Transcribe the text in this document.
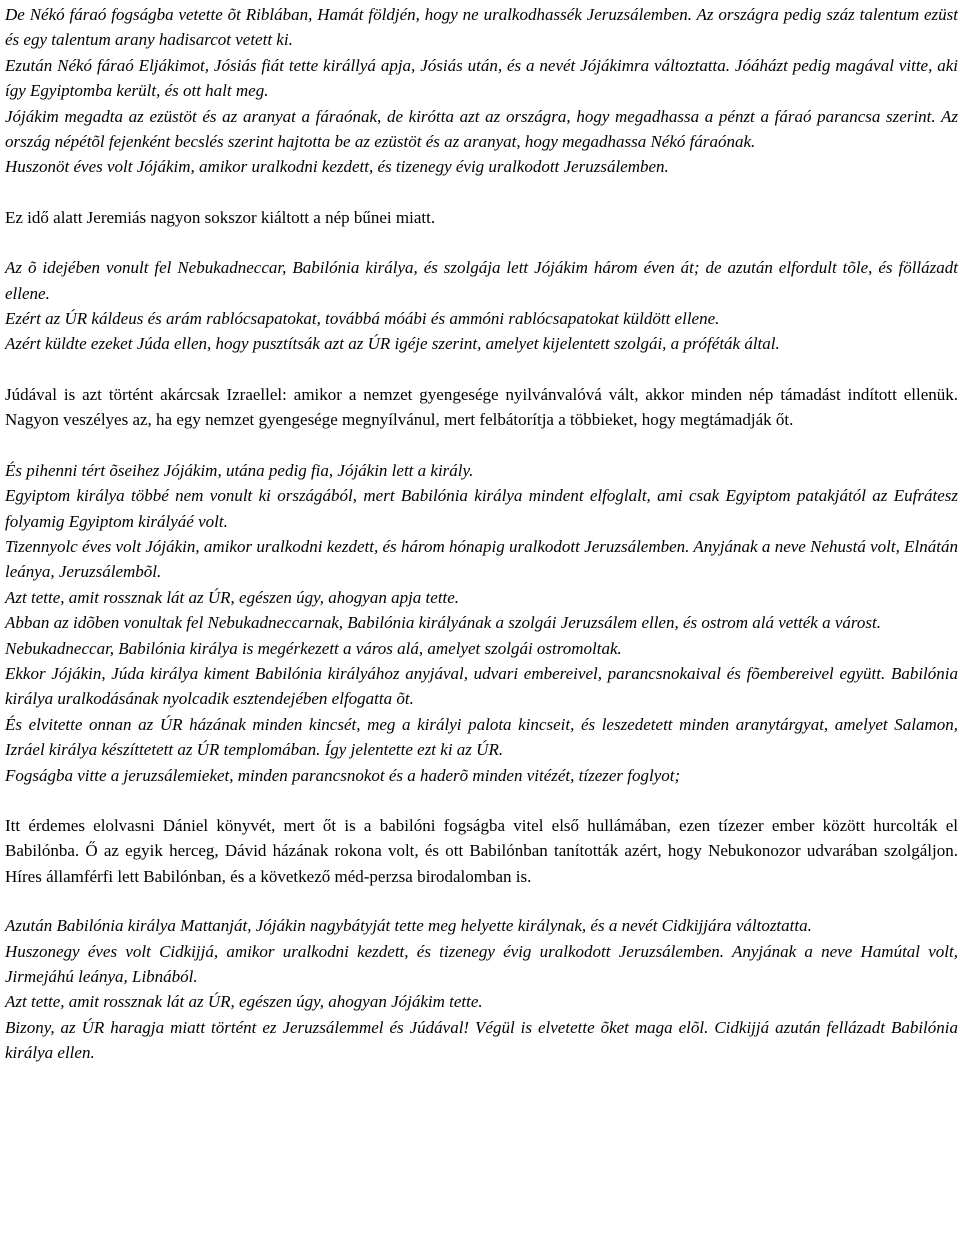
De Nékó fáraó fogságba vetette õt Riblában, Hamát földjén, hogy ne uralkodhassék Jeruzsálemben. Az országra pedig száz talentum ezüst és egy talentum arany hadisarcot vetett ki.

Ezután Nékó fáraó Eljákimot, Jósiás fiát tette királlyá apja, Jósiás után, és a nevét Jójákimra változtatta. Jóáházt pedig magával vitte, aki így Egyiptomba került, és ott halt meg.

Jójákim megadta az ezüstöt és az aranyat a fáraónak, de kirótta azt az országra, hogy megadhassa a pénzt a fáraó parancsa szerint. Az ország népétõl fejenként becslés szerint hajtotta be az ezüstöt és az aranyat, hogy megadhassa Nékó fáraónak.

Huszonöt éves volt Jójákim, amikor uralkodni kezdett, és tizenegy évig uralkodott Jeruzsálemben.

Ez idő alatt Jeremiás nagyon sokszor kiáltott a nép bűnei miatt.

Az õ idejében vonult fel Nebukadneccar, Babilónia királya, és szolgája lett Jójákim három éven át; de azután elfordult tõle, és föllázadt ellene.

Ezért az ÚR káldeus és arám rablócsapatokat, továbbá móábi és ammóni rablócsapatokat küldött ellene.

Azért küldte ezeket Júda ellen, hogy pusztítsák azt az ÚR igéje szerint, amelyet kijelentett szolgái, a próféták által.

Júdával is azt történt akárcsak Izraellel: amikor a nemzet gyengesége nyilvánvalóvá vált, akkor minden nép támadást indított ellenük. Nagyon veszélyes az, ha egy nemzet gyengesége megnyílvánul, mert felbátorítja a többieket, hogy megtámadják őt.

És pihenni tért õseihez Jójákim, utána pedig fia, Jójákin lett a király.

Egyiptom királya többé nem vonult ki országából, mert Babilónia királya mindent elfoglalt, ami csak Egyiptom patakjától az Eufrátesz folyamig Egyiptom királyáé volt.

Tizennyolc éves volt Jójákin, amikor uralkodni kezdett, és három hónapig uralkodott Jeruzsálemben. Anyjának a neve Nehustá volt, Elnátán leánya, Jeruzsálembõl.

Azt tette, amit rossznak lát az ÚR, egészen úgy, ahogyan apja tette.

Abban az idõben vonultak fel Nebukadneccarnak, Babilónia királyának a szolgái Jeruzsálem ellen, és ostrom alá vették a várost.

Nebukadneccar, Babilónia királya is megérkezett a város alá, amelyet szolgái ostromoltak.

Ekkor Jójákin, Júda királya kiment Babilónia királyához anyjával, udvari embereivel, parancsnokaival és fõembereivel együtt. Babilónia királya uralkodásának nyolcadik esztendejében elfogatta õt.

És elvitette onnan az ÚR házának minden kincsét, meg a királyi palota kincseit, és leszedetett minden aranytárgyat, amelyet Salamon, Izráel királya készíttetett az ÚR templomában. Így jelentette ezt ki az ÚR.

Fogságba vitte a jeruzsálemieket, minden parancsnokot és a haderõ minden vitézét, tízezer foglyot;

Itt érdemes elolvasni Dániel könyvét, mert őt is a babilóni fogságba vitel első hullámában, ezen tízezer ember között hurcolták el Babilónba. Ő az egyik herceg, Dávid házának rokona volt, és ott Babilónban tanították azért, hogy Nebukonozor udvarában szolgáljon. Híres államférfi lett Babilónban, és a következő méd-perzsa birodalomban is.

Azután Babilónia királya Mattanját, Jójákin nagybátyját tette meg helyette királynak, és a nevét Cidkijjára változtatta.

Huszonegy éves volt Cidkijjá, amikor uralkodni kezdett, és tizenegy évig uralkodott Jeruzsálemben. Anyjának a neve Hamútal volt, Jirmejáhú leánya, Libnából.

Azt tette, amit rossznak lát az ÚR, egészen úgy, ahogyan Jójákim tette.

Bizony, az ÚR haragja miatt történt ez Jeruzsálemmel és Júdával! Végül is elvetette õket maga elõl. Cidkijjá azután fellázadt Babilónia királya ellen.
